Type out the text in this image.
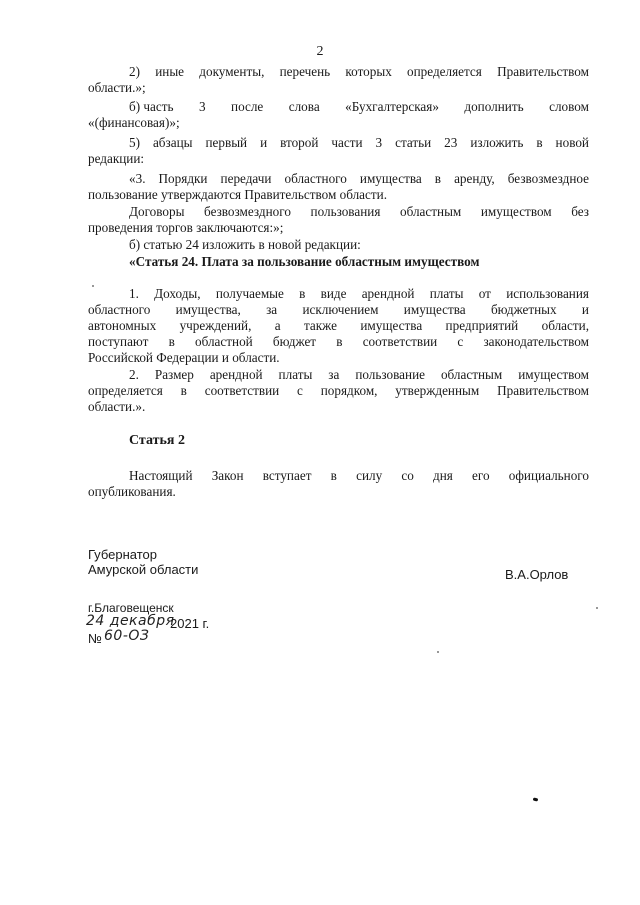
2
2) иные документы, перечень которых определяется Правительством
области.»;
б) часть 3 после слова «Бухгалтерская» дополнить словом
«(финансовая)»;
5) абзацы первый и второй части 3 статьи 23 изложить в новой
редакции:
«3. Порядки передачи областного имущества в аренду, безвозмездное
пользование утверждаются Правительством области.
Договоры безвозмездного пользования областным имуществом без
проведения торгов заключаются:»;
б) статью 24 изложить в новой редакции:
«Статья 24. Плата за пользование областным имуществом
1. Доходы, получаемые в виде арендной платы от использования
областного имущества, за исключением имущества бюджетных и
автономных учреждений, а также имущества предприятий области,
поступают в областной бюджет в соответствии с законодательством
Российской Федерации и области.
2. Размер арендной платы за пользование областным имуществом
определяется в соответствии с порядком, утвержденным Правительством
области.».
Статья 2
Настоящий Закон вступает в силу со дня его официального
опубликования.
Губернатор
Амурской области	В.А.Орлов
г.Благовещенск
24 декабря
2021 г.
№ 60-ОЗ
